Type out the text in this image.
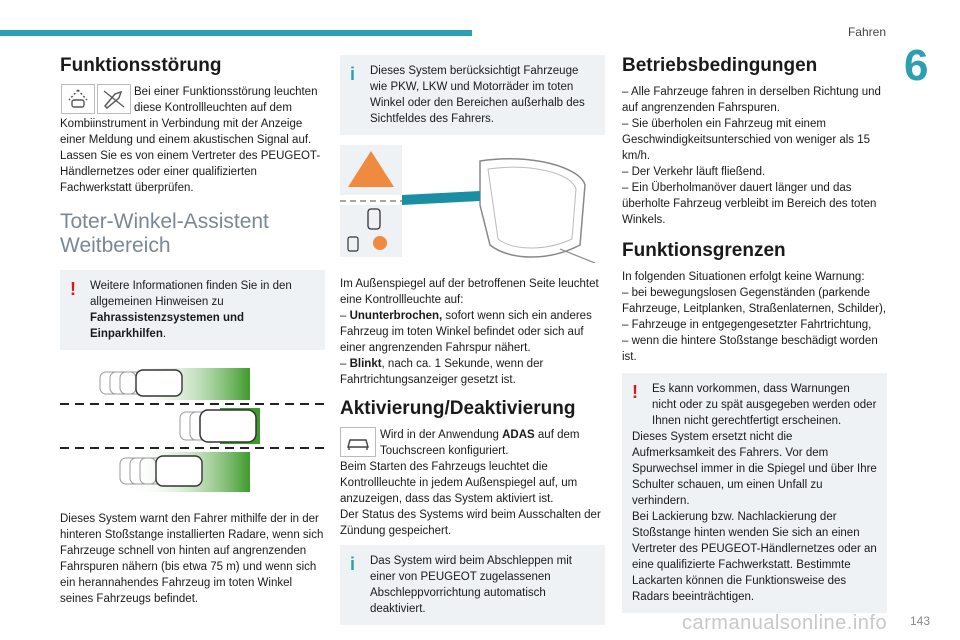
Fahren
6
Funktionsstörung

Bei einer Funktionsstörung leuchten diese Kontrollleuchten auf dem Kombiinstrument in Verbindung mit der Anzeige einer Meldung und einem akustischen Signal auf.

Lassen Sie es von einem Vertreter des PEUGEOT-Händlernetzes oder einer qualifizierten Fachwerkstatt überprüfen.

Toter-Winkel-Assistent Weitbereich
!	Weitere Informationen finden Sie in den allgemeinen Hinweisen zu Fahrassistenzsystemen und Einparkhilfen.

Dieses System warnt den Fahrer mithilfe der in der hinteren Stoßstange installierten Radare, wenn sich Fahrzeuge schnell von hinten auf angrenzenden Fahrspuren nähern (bis etwa 75 m) und wenn sich ein herannahendes Fahrzeug im toten Winkel seines Fahrzeugs befindet.

i	Dieses System berücksichtigt Fahrzeuge wie PKW, LKW und Motorräder im toten Winkel oder den Bereichen außerhalb des Sichtfeldes des Fahrers.

Im Außenspiegel auf der betroffenen Seite leuchtet eine Kontrollleuchte auf:

– Ununterbrochen, sofort wenn sich ein anderes Fahrzeug im toten Winkel befindet oder sich auf einer angrenzenden Fahrspur nähert.
– Blinkt, nach ca. 1 Sekunde, wenn der Fahrtrichtungsanzeiger gesetzt ist.
Aktivierung/Deaktivierung

Wird in der Anwendung ADAS auf dem Touchscreen konfiguriert.

Beim Starten des Fahrzeugs leuchtet die Kontrollleuchte in jedem Außenspiegel auf, um anzuzeigen, dass das System aktiviert ist.

Der Status des Systems wird beim Ausschalten der Zündung gespeichert.

i	Das System wird beim Abschleppen mit einer von PEUGEOT zugelassenen Abschleppvorrichtung automatisch deaktiviert.

Betriebsbedingungen
– Alle Fahrzeuge fahren in derselben Richtung und auf angrenzenden Fahrspuren.
– Sie überholen ein Fahrzeug mit einem Geschwindigkeitsunterschied von weniger als 15 km/h.
– Der Verkehr läuft fließend.
– Ein Überholmanöver dauert länger und das überholte Fahrzeug verbleibt im Bereich des toten Winkels.
Funktionsgrenzen

In folgenden Situationen erfolgt keine Warnung:

– bei bewegungslosen Gegenständen (parkende Fahrzeuge, Leitplanken, Straßenlaternen, Schilder),
– Fahrzeuge in entgegengesetzter Fahrtrichtung,
– wenn die hintere Stoßstange beschädigt worden ist.
!	Es kann vorkommen, dass Warnungen nicht oder zu spät ausgegeben werden oder Ihnen nicht gerechtfertigt erscheinen.

Dieses System ersetzt nicht die Aufmerksamkeit des Fahrers. Vor dem Spurwechsel immer in die Spiegel und über Ihre Schulter schauen, um einen Unfall zu verhindern.

Bei Lackierung bzw. Nachlackierung der Stoßstange hinten wenden Sie sich an einen Vertreter des PEUGEOT-Händlernetzes oder an eine qualifizierte Fachwerkstatt. Bestimmte Lackarten können die Funktionsweise des Radars beeinträchtigen.

carmanualsonline.info 143
